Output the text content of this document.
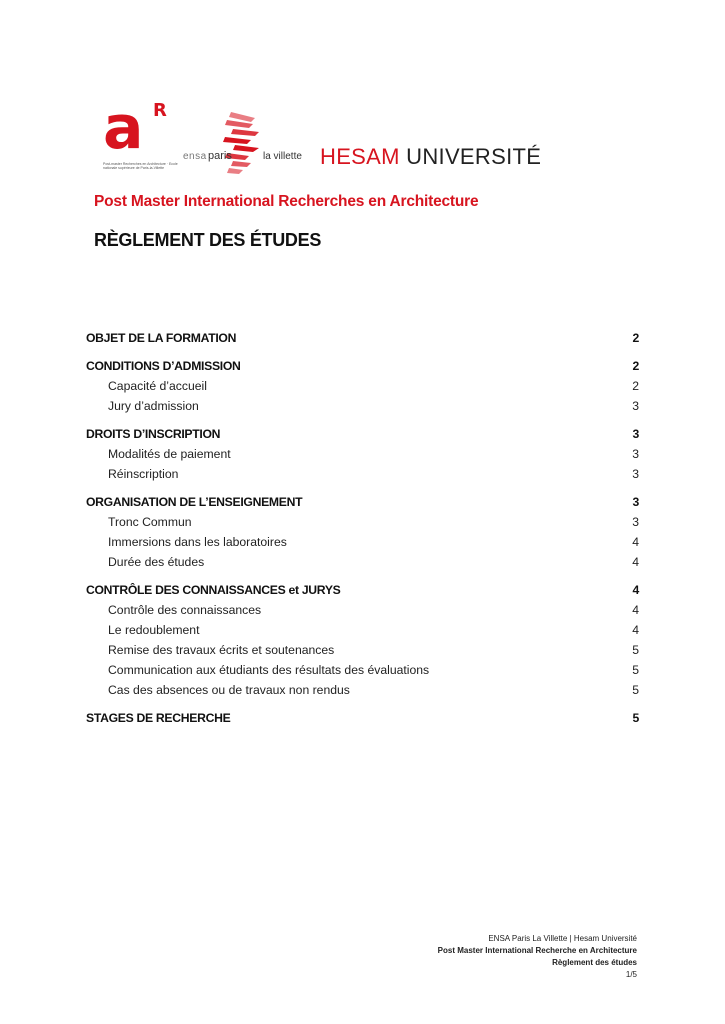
a R
Post-master Recherches en Architecture · Ecole nationale supérieure de Paris-la-Villette
ensa paris	la villette HESAM UNIVERSITÉ
Post Master International Recherches en Architecture
RÈGLEMENT DES ÉTUDES
OBJET DE LA FORMATION	2
CONDITIONS D’ADMISSION	2
Capacité d’accueil	2
Jury d’admission	3
DROITS D’INSCRIPTION	3
Modalités de paiement	3
Réinscription	3
ORGANISATION DE L’ENSEIGNEMENT	3
Tronc Commun	3
Immersions dans les laboratoires	4
Durée des études	4
CONTRÔLE DES CONNAISSANCES et JURYS	4
Contrôle des connaissances	4
Le redoublement	4
Remise des travaux écrits et soutenances	5
Communication aux étudiants des résultats des évaluations	5
Cas des absences ou de travaux non rendus	5
STAGES DE RECHERCHE	5
ENSA Paris La Villette | Hesam Université
Post Master International Recherche en Architecture
Règlement des études
1/5
